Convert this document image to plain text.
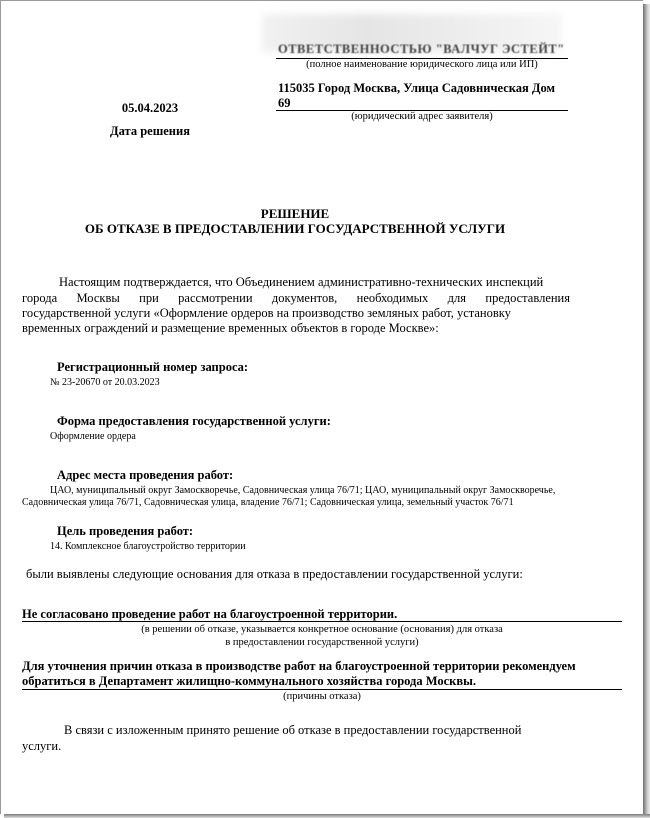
ОТВЕТСТВЕННОСТЬЮ "ВАЛЧУГ ЭСТЕЙТ"
(полное наименование юридического лица или ИП)
115035 Город Москва, Улица Садовническая Дом
69
(юридический адрес заявителя)
05.04.2023
Дата решения
РЕШЕНИЕ
ОБ ОТКАЗЕ В ПРЕДОСТАВЛЕНИИ ГОСУДАРСТВЕННОЙ УСЛУГИ
Настоящим подтверждается, что Объединением административно-технических инспекций
города Москвы при рассмотрении документов, необходимых для предоставления
государственной услуги «Оформление ордеров на производство земляных работ, установку
временных ограждений и размещение временных объектов в городе Москве»:
Регистрационный номер запроса:
№ 23-20670 от 20.03.2023
Форма предоставления государственной услуги:
Оформление ордера
Адрес места проведения работ:
ЦАО, муниципальный округ Замоскворечье, Садовническая улица 76/71; ЦАО, муниципальный округ Замоскворечье,
Садовническая улица 76/71, Садовническая улица, владение 76/71; Садовническая улица, земельный участок 76/71
Цель проведения работ:
14. Комплексное благоустройство территории
были выявлены следующие основания для отказа в предоставлении государственной услуги:
Не согласовано проведение работ на благоустроенной территории.
(в решении об отказе, указывается конкретное основание (основания) для отказа
в предоставлении государственной услуги)
Для уточнения причин отказа в производстве работ на благоустроенной территории рекомендуем
обратиться в Департамент жилищно-коммунального хозяйства города Москвы.
(причины отказа)
В связи с изложенным принято решение об отказе в предоставлении государственной
услуги.
